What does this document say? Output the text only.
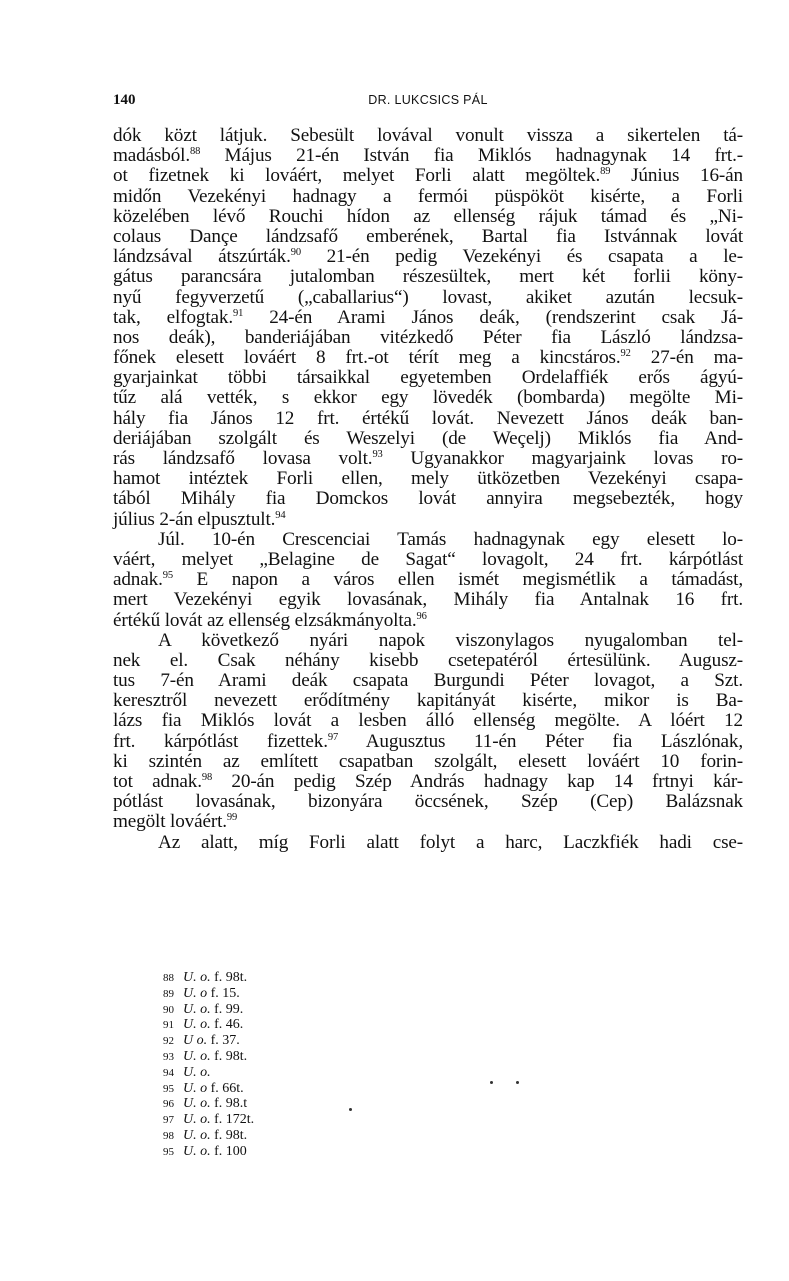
140	DR. LUKCSICS PÁL
dók közt látjuk. Sebesült lovával vonult vissza a sikertelen tá-
madásból.$^{88}$ Május 21-én István fia Miklós hadnagynak 14 frt.-
ot fizetnek ki lováért, melyet Forli alatt megöltek.$^{89}$ Június 16-án
midőn Vezekényi hadnagy a fermói püspököt kisérte, a Forli
közelében lévő Rouchi hídon az ellenség rájuk támad és „Ni-
colaus Dançe lándzsafő emberének, Bartal fia Istvánnak lovát
lándzsával átszúrták.$^{90}$ 21-én pedig Vezekényi és csapata a le-
gátus parancsára jutalomban részesültek, mert két forlii köny-
nyű fegyverzetű („caballarius“) lovast, akiket azután lecsuk-
tak, elfogtak.$^{91}$ 24-én Arami János deák, (rendszerint csak Já-
nos deák), banderiájában vitézkedő Péter fia László lándzsa-
főnek elesett lováért 8 frt.-ot térít meg a kincstáros.$^{92}$ 27-én ma-
gyarjainkat többi társaikkal egyetemben Ordelaffiék erős ágyú-
tűz alá vették, s ekkor egy lövedék (bombarda) megölte Mi-
hály fia János 12 frt. értékű lovát. Nevezett János deák ban-
deriájában szolgált és Weszelyi (de Weçelj) Miklós fia And-
rás lándzsafő lovasa volt.$^{93}$ Ugyanakkor magyarjaink lovas ro-
hamot intéztek Forli ellen, mely ütközetben Vezekényi csapa-
tából Mihály fia Domckos lovát annyira megsebezték, hogy
július 2-án elpusztult.$^{94}$
Júl. 10-én Crescenciai Tamás hadnagynak egy elesett lo-
váért, melyet „Belagine de Sagat“ lovagolt, 24 frt. kárpótlást
adnak.$^{95}$ E napon a város ellen ismét megismétlik a támadást,
mert Vezekényi egyik lovasának, Mihály fia Antalnak 16 frt.
értékű lovát az ellenség elzsákmányolta.$^{96}$
A következő nyári napok viszonylagos nyugalomban tel-
nek el. Csak néhány kisebb csetepatéról értesülünk. Augusz-
tus 7-én Arami deák csapata Burgundi Péter lovagot, a Szt.
keresztről nevezett erődítmény kapitányát kisérte, mikor is Ba-
lázs fia Miklós lovát a lesben álló ellenség megölte. A lóért 12
frt. kárpótlást fizettek.$^{97}$ Augusztus 11-én Péter fia Lászlónak,
ki szintén az említett csapatban szolgált, elesett lováért 10 forin-
tot adnak.$^{98}$ 20-án pedig Szép András hadnagy kap 14 frtnyi kár-
pótlást lovasának, bizonyára öccsének, Szép (Cep) Balázsnak
megölt lováért.$^{99}$
Az alatt, míg Forli alatt folyt a harc, Laczkfiék hadi cse-
88 U. o. f. 98t.
89 U. o f. 15.
90 U. o. f. 99.
91 U. o. f. 46.
92 U o. f. 37.
93 U. o. f. 98t.
94 U. o.
95 U. o f. 66t.
96 U. o. f. 98.t
97 U. o. f. 172t.
98 U. o. f. 98t.
95 U. o. f. 100
